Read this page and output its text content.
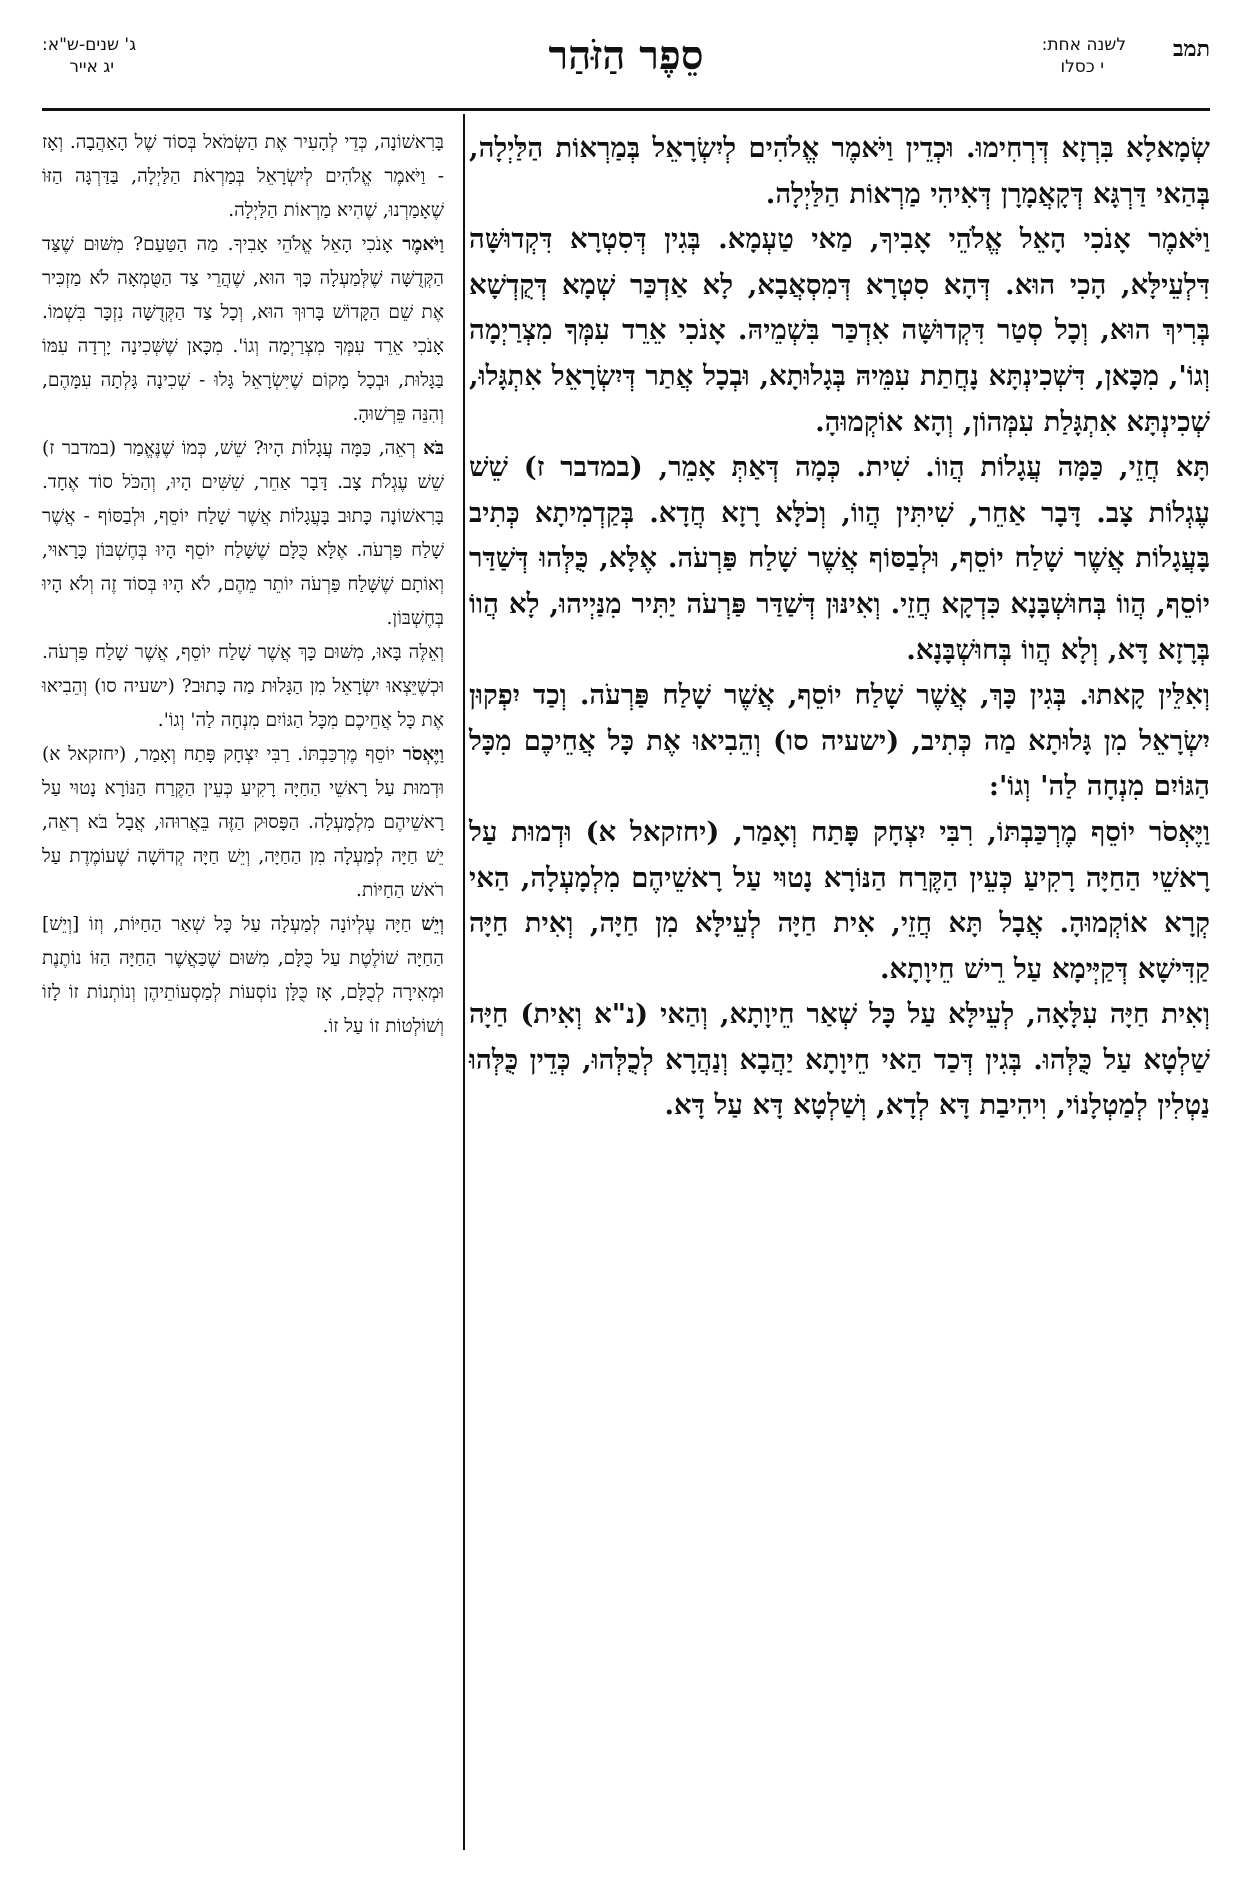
תמב
לשנה אחת:
י כסלו
סֵפֶר הַזֹּהַר
ג' שנים-ש"א:
יג אייר

שְׂמָאלָא בִּרְזָא דְּרְחִימוּ. וּכְדֵין וַיֹּאמֶר אֱלֹהִים לְיִשְׂרָאֵל בְּמַרְאוֹת הַלַּיְלָה, בְּהַאי דַּרְגָּא דְּקָאֲמָרָן דְּאִיהִי מַרְאוֹת הַלַּיְלָה.

וַיֹּאמֶר אָנֹכִי הָאֵל אֱלֹהֵי אָבִיךָ, מַאי טַעְמָא. בְּגִין דְּסִטְרָא דִּקְדוּשָּׁה דִּלְעֵילָּא, הָכִי הוּא. דְּהָא סִטְרָא דְּמִסְאֲבָא, לָא אַדְכַּר שְׁמָא דְּקֻדְשָׁא בְּרִיךְ הוּא, וְכָל סְטַר דִּקְדוּשָּׁה אִדְכַּר בִּשְׁמֵיהּ. אָנֹכִי אֵרֵד עִמְּךָ מִצְרַיְמָה וְגוֹ', מִכָּאן, דִּשְׁכִינְתָּא נָחֲתַת עִמֵּיהּ בְּגָלוּתָא, וּבְכָל אֲתַר דְּיִשְׂרָאֵל אִתְגָּלוּ, שְׁכִינְתָּא אִתְגָּלַת עִמְּהוֹן, וְהָא אוֹקְמוּהָ.

תָּא חֲזֵי, כַּמָּה עֲגָלוֹת הֲווֹ. שִׁית. כְּמָה דְּאַתְּ אָמֵר, (במדבר ז) שֵׁשׁ עֶגְלוֹת צָב. דָּבָר אַחֵר, שִׁיתִּין הֲווֹ, וְכֹלָּא רָזָא חֲדָא. בְּקַדְמִיתָא כְּתִיב בָּעֲגָלוֹת אֲשֶׁר שָׁלַח יוֹסֵף, וּלְבַסּוֹף אֲשֶׁר שָׁלַח פַּרְעֹה. אֶלָּא, כֻּלְּהוּ דְּשַׁדַּר יוֹסֵף, הֲווֹ בְּחוּשְׁבָּנָא כִּדְקָא חֲזֵי. וְאִינּוּן דְּשַׁדַּר פַּרְעֹה יַתִּיר מִנַּיְיהוּ, לָא הֲווֹ בְּרָזָא דָּא, וְלָא הֲווֹ בְּחוּשְׁבָּנָא.

וְאִלֵּין קָאתוּ. בְּגִין כָּךְ, אֲשֶׁר שָׁלַח יוֹסֵף, אֲשֶׁר שָׁלַח פַּרְעֹה. וְכַד יִפְקוּן יִשְׂרָאֵל מִן גָּלוּתָא מַה כְּתִיב, (ישעיה סו) וְהֵבִיאוּ אֶת כָּל אֲחֵיכֶם מִכָּל הַגּוֹיִם מִנְחָה לַה' וְגוֹ':

וַיֶּאְסֹר יוֹסֵף מֶרְכַּבְתּוֹ, רִבִּי יִצְחָק פָּתַח וְאָמַר, (יחזקאל א) וּדְמוּת עַל רָאשֵׁי הַחַיָּה רָקִיעַ כְּעֵין הַקֶּרַח הַנּוֹרָא נָטוּי עַל רָאשֵׁיהֶם מִלְמָעְלָה, הַאי קְרָא אוֹקְמוּהָ. אֲבָל תָּא חֲזֵי, אִית חַיָּה לְעֵילָּא מִן חַיָּה, וְאִית חַיָּה קַדִּישָׁא דְּקַיְּימָא עַל רֵישׁ חֵיוָתָא.

וְאִית חַיָּה עִלָּאָה, לְעֵילָּא עַל כָּל שְׁאַר חֵיוָתָא, וְהַאי (נ"א וְאִית) חַיָּה שַׁלְטָא עַל כֻּלְּהוּ. בְּגִין דְּכַד הַאי חֵיוָתָא יַהֲבָא וְנַהֲרָא לְכֻלְּהוּ, כְּדֵין כֻּלְּהוּ נַטְלִין לְמַטְלָנוֹי, וִיהִיבַת דָּא לְדָא, וְשַׁלְטָא דָּא עַל דָּא.

בָּרִאשׁוֹנָה, כְּדֵי לְהָעִיר אֶת הַשְּׂמֹאל בְּסוֹד שֶׁל הָאַהֲבָה. וְאָז - וַיֹּאמֶר אֱלֹהִים לְיִשְׂרָאֵל בְּמַרְאֹת הַלַּיְלָה, בַּדַּרְגָּה הַזּוֹ שֶׁאָמַרְנוּ, שֶׁהִיא מַרְאוֹת הַלַּיְלָה.

וַיֹּאמֶר אָנֹכִי הָאֵל אֱלֹהֵי אָבִיךָ. מַה הַטַּעַם? מִשּׁוּם שֶׁצַּד הַקְּדֻשָּׁה שֶׁלְּמַעְלָה כָּךְ הוּא, שֶׁהֲרֵי צַד הַטֻּמְאָה לֹא מַזְכִּיר אֶת שֵׁם הַקָּדוֹשׁ בָּרוּךְ הוּא, וְכָל צַד הַקְּדֻשָּׁה נִזְכָּר בִּשְׁמוֹ. אָנֹכִי אֵרֵד עִמְּךָ מִצְרַיְמָה וְגוֹ'. מִכָּאן שֶׁשְּׁכִינָה יָרְדָה עִמּוֹ בַּגָּלוּת, וּבְכָל מָקוֹם שֶׁיִּשְׂרָאֵל גָּלוּ - שְׁכִינָה גָּלְתָה עִמָּהֶם, וְהִנֵּה פֵּרְשׁוּהָ.

בֹּא רְאֵה, כַּמָּה עֲגָלוֹת הָיוּ? שֵׁשׁ, כְּמוֹ שֶׁנֶּאֱמַר (במדבר ז) שֵׁשׁ עֶגְלֹת צָב. דָּבָר אַחֵר, שִׁשִּׁים הָיוּ, וְהַכֹּל סוֹד אֶחָד. בָּרִאשׁוֹנָה כָּתוּב בָּעֲגָלוֹת אֲשֶׁר שָׁלַח יוֹסֵף, וּלְבַסּוֹף - אֲשֶׁר שָׁלַח פַּרְעֹה. אֶלָּא כֻּלָּם שֶׁשָּׁלַח יוֹסֵף הָיוּ בְּחֶשְׁבּוֹן כָּרָאוּי, וְאוֹתָם שֶׁשָּׁלַח פַּרְעֹה יוֹתֵר מֵהֶם, לֹא הָיוּ בְּסוֹד זֶה וְלֹא הָיוּ בְּחֶשְׁבּוֹן.

וְאֵלֶּה בָּאוּ, מִשּׁוּם כָּךְ אֲשֶׁר שָׁלַח יוֹסֵף, אֲשֶׁר שָׁלַח פַּרְעֹה. וּכְשֶׁיֵּצְאוּ יִשְׂרָאֵל מִן הַגָּלוּת מַה כָּתוּב? (ישעיה סו) וְהֵבִיאוּ אֶת כָּל אֲחֵיכֶם מִכָּל הַגּוֹיִם מִנְחָה לַה' וְגוֹ'.

וַיֶּאְסֹר יוֹסֵף מֶרְכַּבְתּוֹ. רַבִּי יִצְחָק פָּתַח וְאָמַר, (יחזקאל א) וּדְמוּת עַל רָאשֵׁי הַחַיָּה רָקִיעַ כְּעֵין הַקֶּרַח הַנּוֹרָא נָטוּי עַל רָאשֵׁיהֶם מִלְמָעְלָה. הַפָּסוּק הַזֶּה בֵּאֲרוּהוּ, אֲבָל בֹּא רְאֵה, יֵשׁ חַיָּה לְמַעְלָה מִן הַחַיָּה, וְיֵשׁ חַיָּה קְדוֹשָׁה שֶׁעוֹמֶדֶת עַל רֹאשׁ הַחַיּוֹת.

וְיֵשׁ חַיָּה עֶלְיוֹנָה לְמַעְלָה עַל כָּל שְׁאַר הַחַיּוֹת, וְזוֹ [וְיֵשׁ] הַחַיָּה שׁוֹלֶטֶת עַל כֻּלָּם, מִשּׁוּם שֶׁכַּאֲשֶׁר הַחַיָּה הַזּוֹ נוֹתֶנֶת וּמְאִירָה לְכֻלָּם, אָז כֻּלָּן נוֹסְעוֹת לְמַסְעוֹתֵיהֶן וְנוֹתְנוֹת זוֹ לָזוֹ וְשׁוֹלְטוֹת זוֹ עַל זוֹ.
